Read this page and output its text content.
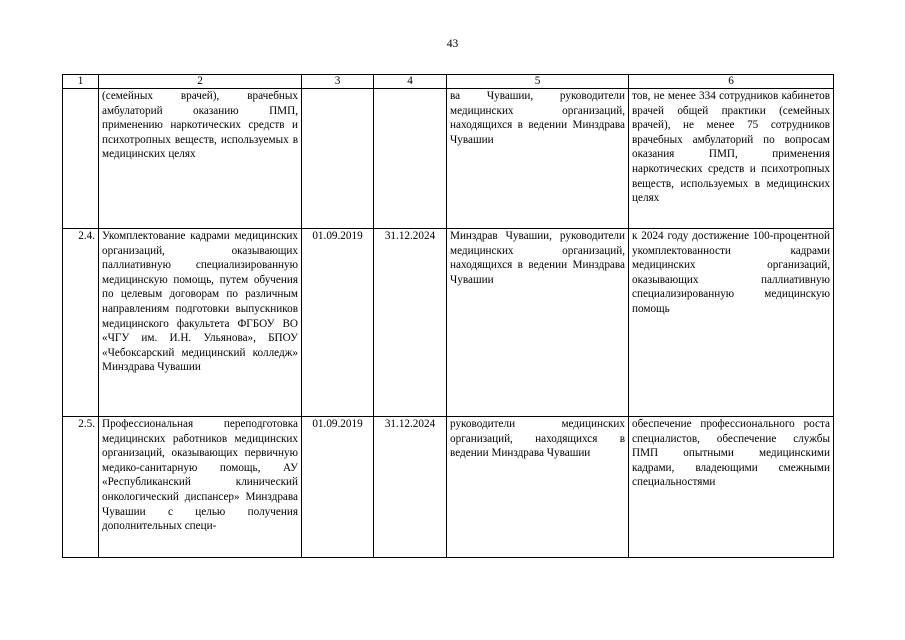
43
1	2	3	4	5	6
	(семейных врачей), врачебных амбулаторий оказанию ПМП, применению наркотических средств и психотропных веществ, используемых в медицинских целях			ва Чувашии, руководители медицинских организаций, находящихся в ведении Минздрава Чувашии	тов, не менее 334 сотрудников кабинетов врачей общей практики (семейных врачей), не менее 75 сотрудников врачебных амбулаторий по вопросам оказания ПМП, применения наркотических средств и психотропных веществ, используемых в медицинских целях
2.4.	Укомплектование кадрами медицинских организаций, оказывающих паллиативную специализированную медицинскую помощь, путем обучения по целевым договорам по различным направлениям подготовки выпускников медицинского факультета ФГБОУ ВО «ЧГУ им. И.Н. Ульянова», БПОУ «Чебоксарский медицинский колледж» Минздрава Чувашии	01.09.2019	31.12.2024	Минздрав Чувашии, руководители медицинских организаций, находящихся в ведении Минздрава Чувашии	к 2024 году достижение 100-процентной укомплектованности кадрами медицинских организаций, оказывающих паллиативную специализированную медицинскую помощь
2.5.	Профессиональная переподготовка медицинских работников медицинских организаций, оказывающих первичную медико-санитарную помощь, АУ «Республиканский клинический онкологический диспансер» Минздрава Чувашии с целью получения дополнительных специ-	01.09.2019	31.12.2024	руководители медицинских организаций, находящихся в ведении Минздрава Чувашии	обеспечение профессионального роста специалистов, обеспечение службы ПМП опытными медицинскими кадрами, владеющими смежными специальностями
